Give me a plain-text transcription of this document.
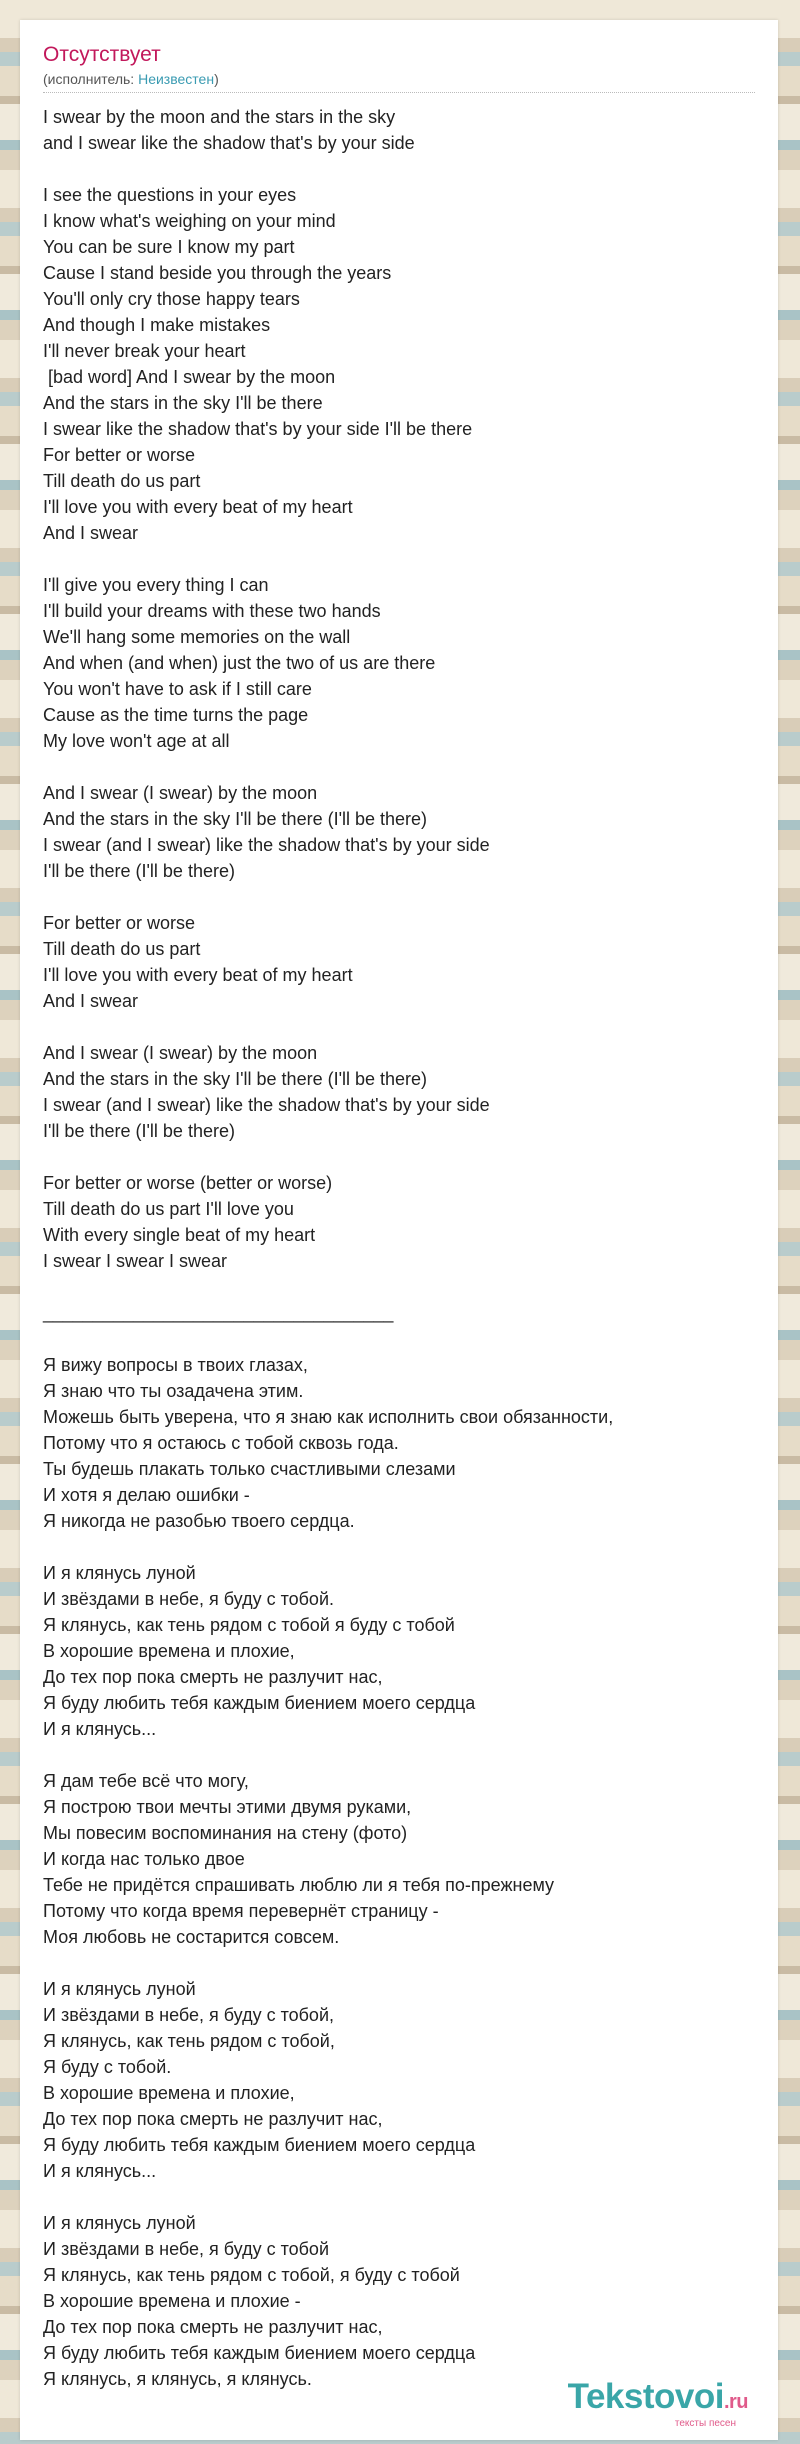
Отсутствует
(исполнитель: Неизвестен)
I swear by the moon and the stars in the sky
and I swear like the shadow that's by your side
I see the questions in your eyes
I know what's weighing on your mind
You can be sure I know my part
Cause I stand beside you through the years
You'll only cry those happy tears
And though I make mistakes
I'll never break your heart
[bad word] And I swear by the moon
And the stars in the sky I'll be there
I swear like the shadow that's by your side I'll be there
For better or worse
Till death do us part
I'll love you with every beat of my heart
And I swear
I'll give you every thing I can
I'll build your dreams with these two hands
We'll hang some memories on the wall
And when (and when) just the two of us are there
You won't have to ask if I still care
Cause as the time turns the page
My love won't age at all
And I swear (I swear) by the moon
And the stars in the sky I'll be there (I'll be there)
I swear (and I swear) like the shadow that's by your side
I'll be there (I'll be there)
For better or worse
Till death do us part
I'll love you with every beat of my heart
And I swear
And I swear (I swear) by the moon
And the stars in the sky I'll be there (I'll be there)
I swear (and I swear) like the shadow that's by your side
I'll be there (I'll be there)
For better or worse (better or worse)
Till death do us part I'll love you
With every single beat of my heart
I swear I swear I swear
___________________________________
Я вижу вопросы в твоих глазах,
Я знаю что ты озадачена этим.
Можешь быть уверена, что я знаю как исполнить свои обязанности,
Потому что я остаюсь с тобой сквозь года.
Ты будешь плакать только счастливыми слезами
И хотя я делаю ошибки -
Я никогда не разобью твоего сердца.
И я клянусь луной
И звёздами в небе, я буду с тобой.
Я клянусь, как тень рядом с тобой я буду с тобой
В хорошие времена и плохие,
До тех пор пока смерть не разлучит нас,
Я буду любить тебя каждым биением моего сердца
И я клянусь...
Я дам тебе всё что могу,
Я построю твои мечты этими двумя руками,
Мы повесим воспоминания на стену (фото)
И когда нас только двое
Тебе не придётся спрашивать люблю ли я тебя по-прежнему
Потому что когда время перевернёт страницу -
Моя любовь не состарится совсем.
И я клянусь луной
И звёздами в небе, я буду с тобой,
Я клянусь, как тень рядом с тобой,
Я буду с тобой.
В хорошие времена и плохие,
До тех пор пока смерть не разлучит нас,
Я буду любить тебя каждым биением моего сердца
И я клянусь...
И я клянусь луной
И звёздами в небе, я буду с тобой
Я клянусь, как тень рядом с тобой, я буду с тобой
В хорошие времена и плохие -
До тех пор пока смерть не разлучит нас,
Я буду любить тебя каждым биением моего сердца
Я клянусь, я клянусь, я клянусь.	Tekstovoi.ru
тексты песен
